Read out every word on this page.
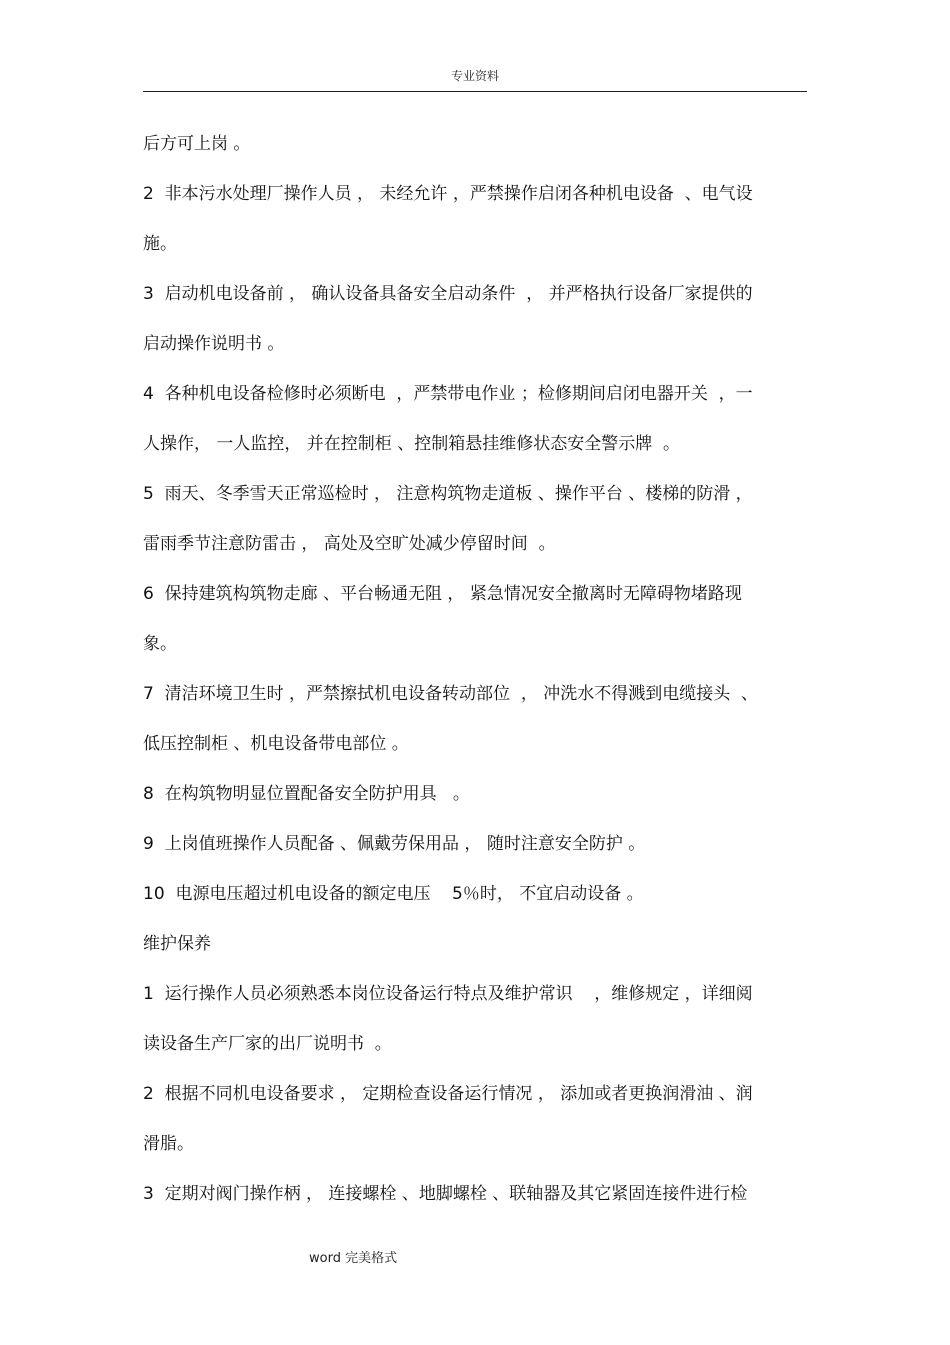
专业资料
后方可上岗 。
2  非本污水处理厂操作人员 ， 未经允许 ，严禁操作启闭各种机电设备  、电气设
施。
3  启动机电设备前 ， 确认设备具备安全启动条件  ， 并严格执行设备厂家提供的
启动操作说明书 。
4  各种机电设备检修时必须断电  ，严禁带电作业 ；检修期间启闭电器开关  ，一
人操作， 一人监控， 并在控制柜 、控制箱悬挂维修状态安全警示牌  。
5  雨天、冬季雪天正常巡检时 ， 注意构筑物走道板 、操作平台 、楼梯的防滑 ，
雷雨季节注意防雷击 ， 高处及空旷处减少停留时间  。
6  保持建筑构筑物走廊 、平台畅通无阻 ， 紧急情况安全撤离时无障碍物堵路现
象。
7  清洁环境卫生时 ，严禁擦拭机电设备转动部位  ， 冲洗水不得溅到电缆接头  、
低压控制柜 、机电设备带电部位 。
8  在构筑物明显位置配备安全防护用具   。
9  上岗值班操作人员配备 、佩戴劳保用品 ， 随时注意安全防护 。
10  电源电压超过机电设备的额定电压    5％时， 不宜启动设备 。
维护保养
1  运行操作人员必须熟悉本岗位设备运行特点及维护常识    ，维修规定 ，详细阅
读设备生产厂家的出厂说明书  。
2  根据不同机电设备要求 ， 定期检查设备运行情况 ， 添加或者更换润滑油 、润
滑脂。
3  定期对阀门操作柄 ， 连接螺栓 、地脚螺栓 、联轴器及其它紧固连接件进行检
word 完美格式
